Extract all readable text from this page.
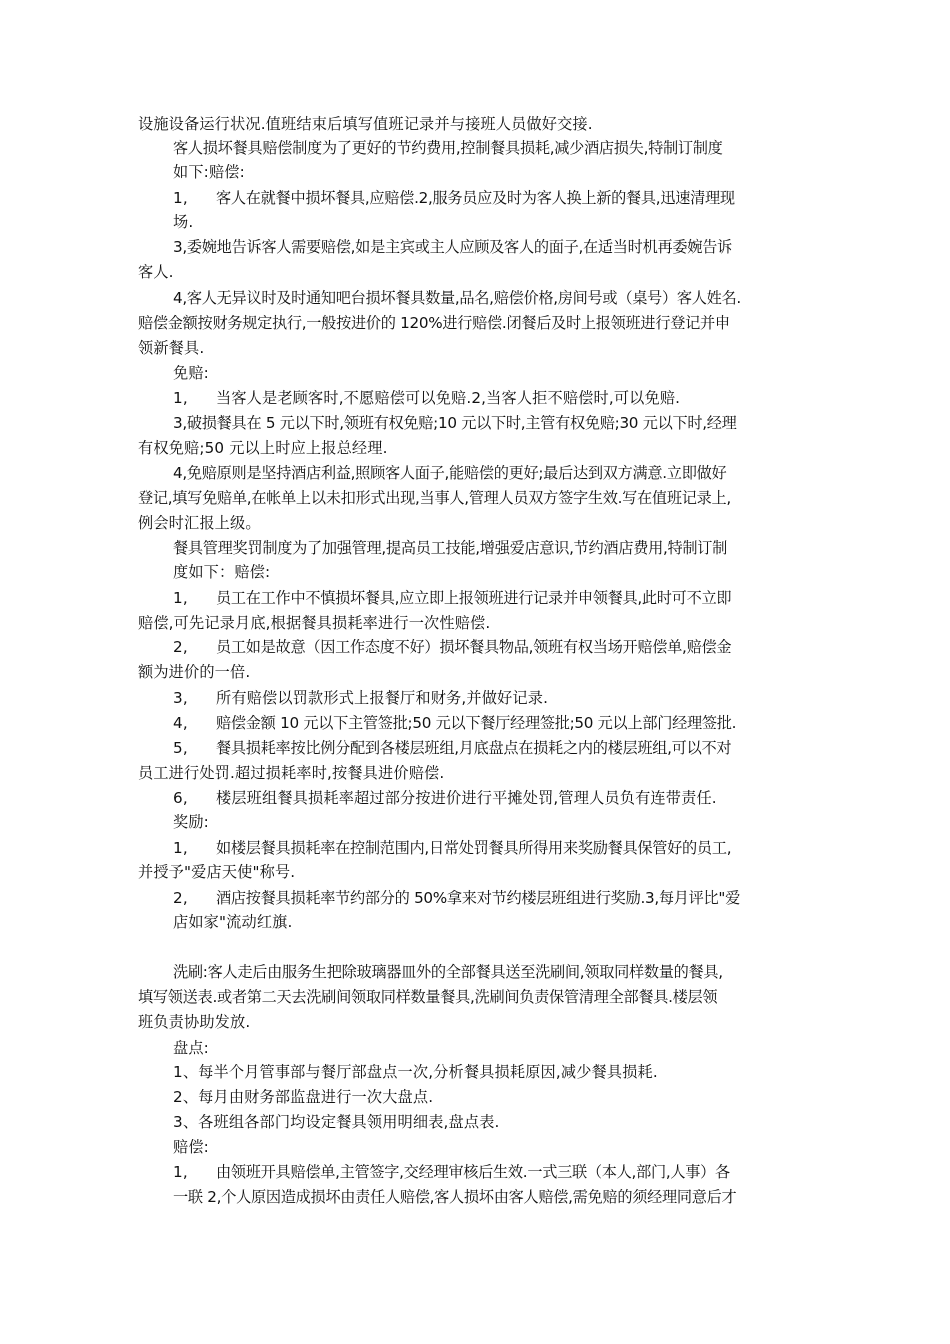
设施设备运行状况.值班结束后填写值班记录并与接班人员做好交接.
客人损坏餐具赔偿制度为了更好的节约费用,控制餐具损耗,减少酒店损失,特制订制度
如下:赔偿:
1, 客人在就餐中损坏餐具,应赔偿.2,服务员应及时为客人换上新的餐具,迅速清理现
场.
3,委婉地告诉客人需要赔偿,如是主宾或主人应顾及客人的面子,在适当时机再委婉告诉
客人.
4,客人无异议时及时通知吧台损坏餐具数量,品名,赔偿价格,房间号或（桌号）客人姓名.
赔偿金额按财务规定执行,一般按进价的 120%进行赔偿.闭餐后及时上报领班进行登记并申
领新餐具.
免赔:
1, 当客人是老顾客时,不愿赔偿可以免赔.2,当客人拒不赔偿时,可以免赔.
3,破损餐具在 5 元以下时,领班有权免赔;10 元以下时,主管有权免赔;30 元以下时,经理
有权免赔;50 元以上时应上报总经理.
4,免赔原则是坚持酒店利益,照顾客人面子,能赔偿的更好;最后达到双方满意.立即做好
登记,填写免赔单,在帐单上以未扣形式出现,当事人,管理人员双方签字生效.写在值班记录上,
例会时汇报上级。
餐具管理奖罚制度为了加强管理,提高员工技能,增强爱店意识,节约酒店费用,特制订制
度如下：赔偿:
1, 员工在工作中不慎损坏餐具,应立即上报领班进行记录并申领餐具,此时可不立即
赔偿,可先记录月底,根据餐具损耗率进行一次性赔偿.
2, 员工如是故意（因工作态度不好）损坏餐具物品,领班有权当场开赔偿单,赔偿金
额为进价的一倍.
3, 所有赔偿以罚款形式上报餐厅和财务,并做好记录.
4, 赔偿金额 10 元以下主管签批;50 元以下餐厅经理签批;50 元以上部门经理签批.
5, 餐具损耗率按比例分配到各楼层班组,月底盘点在损耗之内的楼层班组,可以不对
员工进行处罚.超过损耗率时,按餐具进价赔偿.
6, 楼层班组餐具损耗率超过部分按进价进行平摊处罚,管理人员负有连带责任.
奖励:
1, 如楼层餐具损耗率在控制范围内,日常处罚餐具所得用来奖励餐具保管好的员工,
并授予"爱店天使"称号.
2, 酒店按餐具损耗率节约部分的 50%拿来对节约楼层班组进行奖励.3,每月评比"爱
店如家"流动红旗.
洗刷:客人走后由服务生把除玻璃器皿外的全部餐具送至洗刷间,领取同样数量的餐具,
填写领送表.或者第二天去洗刷间领取同样数量餐具,洗刷间负责保管清理全部餐具.楼层领
班负责协助发放.
盘点:
1、每半个月管事部与餐厅部盘点一次,分析餐具损耗原因,减少餐具损耗.
2、每月由财务部监盘进行一次大盘点.
3、各班组各部门均设定餐具领用明细表,盘点表.
赔偿:
1, 由领班开具赔偿单,主管签字,交经理审核后生效.一式三联（本人,部门,人事）各
一联 2,个人原因造成损坏由责任人赔偿,客人损坏由客人赔偿,需免赔的须经理同意后才
